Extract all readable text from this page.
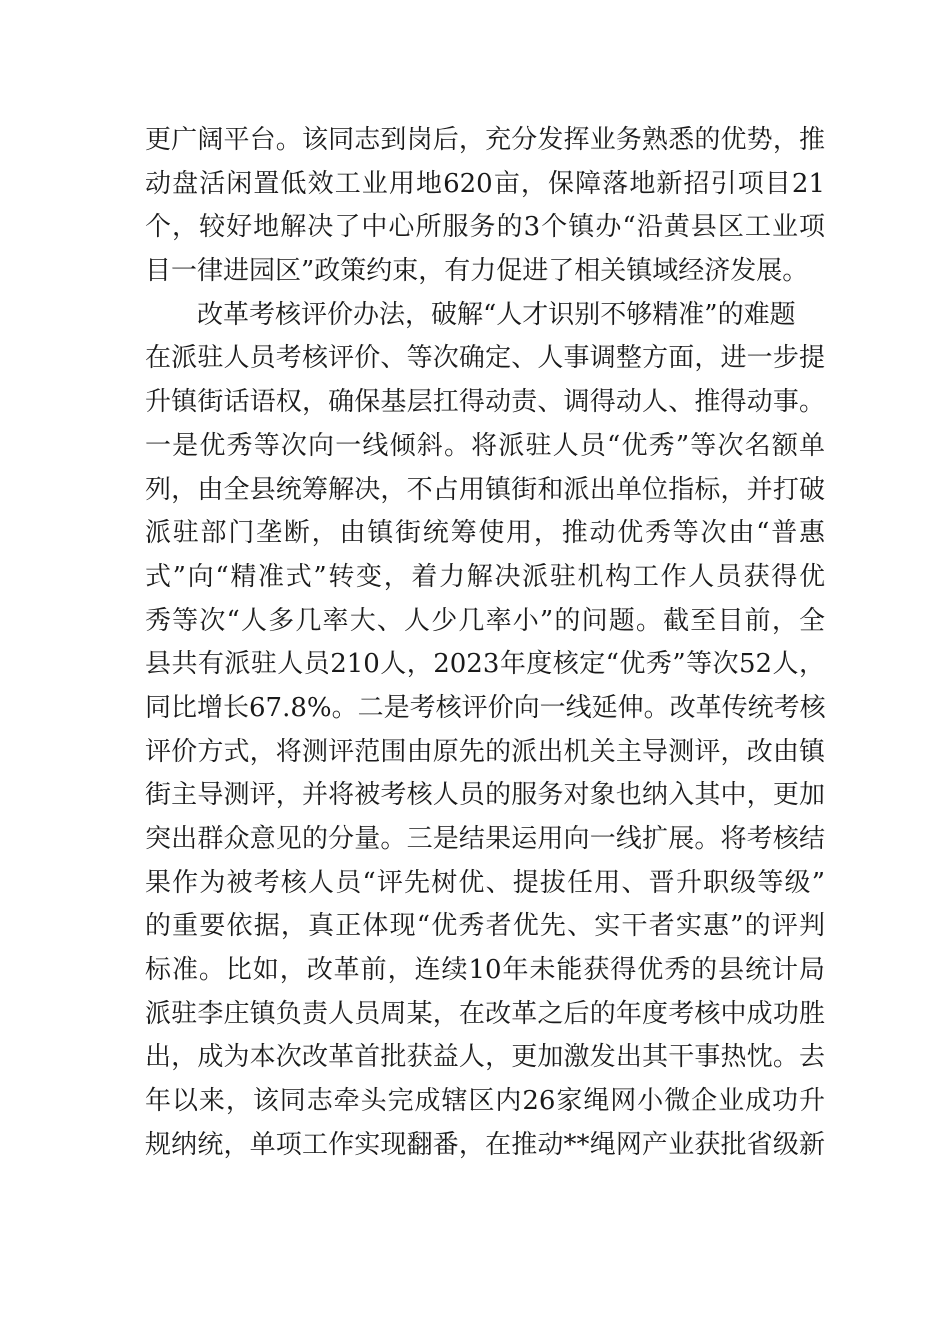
更广阔平台。该同志到岗后，充分发挥业务熟悉的优势，推
动盘活闲置低效工业用地620亩，保障落地新招引项目21
个，较好地解决了中心所服务的3个镇办“沿黄县区工业项
目一律进园区”政策约束，有力促进了相关镇域经济发展。
改革考核评价办法，破解“人才识别不够精准”的难题
在派驻人员考核评价、等次确定、人事调整方面，进一步提
升镇街话语权，确保基层扛得动责、调得动人、推得动事。
一是优秀等次向一线倾斜。将派驻人员“优秀”等次名额单
列，由全县统筹解决，不占用镇街和派出单位指标，并打破
派驻部门垄断，由镇街统筹使用，推动优秀等次由“普惠
式”向“精准式”转变，着力解决派驻机构工作人员获得优
秀等次“人多几率大、人少几率小”的问题。截至目前，全
县共有派驻人员210人，2023年度核定“优秀”等次52人，
同比增长67.8%。二是考核评价向一线延伸。改革传统考核
评价方式，将测评范围由原先的派出机关主导测评，改由镇
街主导测评，并将被考核人员的服务对象也纳入其中，更加
突出群众意见的分量。三是结果运用向一线扩展。将考核结
果作为被考核人员“评先树优、提拔任用、晋升职级等级”
的重要依据，真正体现“优秀者优先、实干者实惠”的评判
标准。比如，改革前，连续10年未能获得优秀的县统计局
派驻李庄镇负责人员周某，在改革之后的年度考核中成功胜
出，成为本次改革首批获益人，更加激发出其干事热忱。去
年以来，该同志牵头完成辖区内26家绳网小微企业成功升
规纳统，单项工作实现翻番，在推动**绳网产业获批省级新
